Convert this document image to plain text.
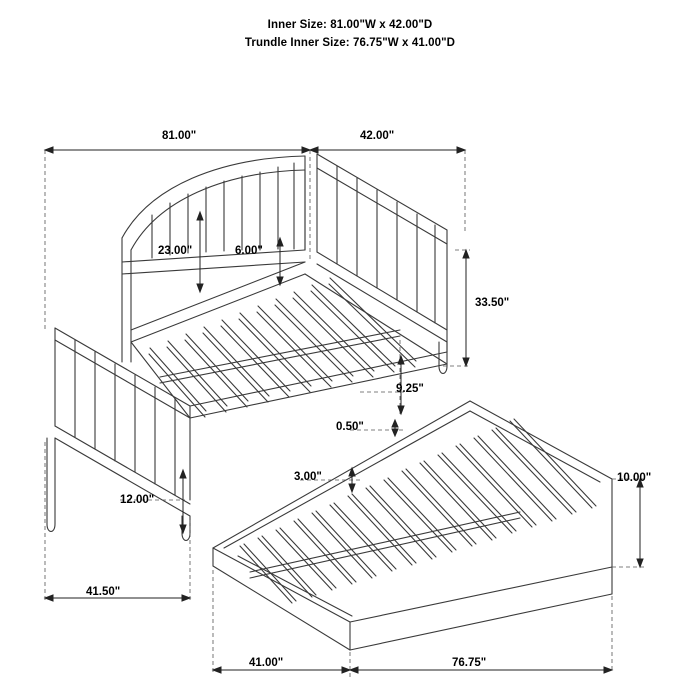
Inner Size: 81.00"W x 42.00"D
Trundle Inner Size: 76.75"W x 41.00"D
81.00"	42.00"
23.00"	6.00"
33.50"
9.25"
0.50"
3.00"	10.00"
12.00"
41.50"
41.00"	76.75"
